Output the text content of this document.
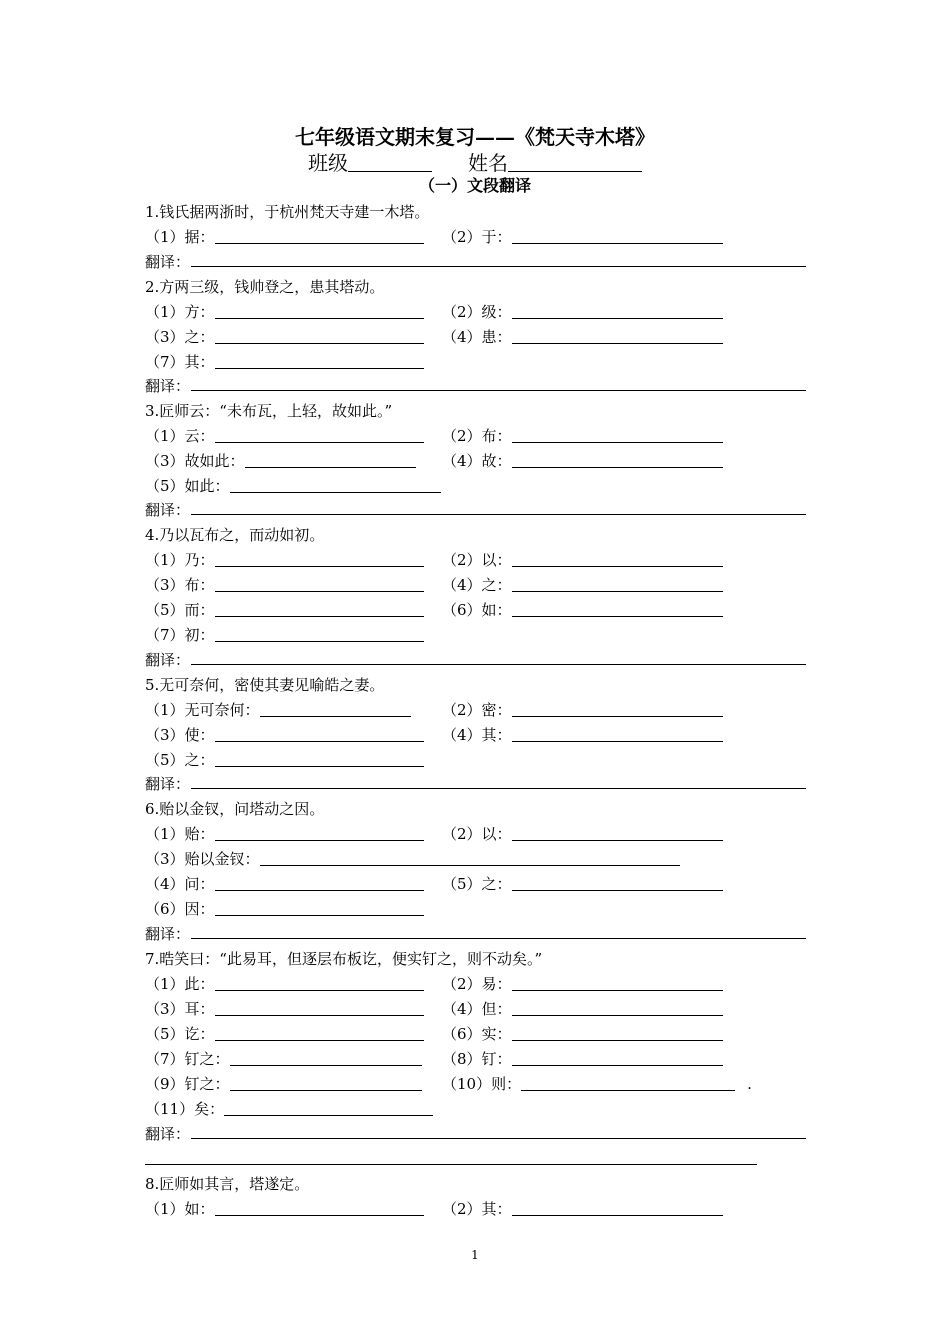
七年级语文期末复习——《梵天寺木塔》
班级	姓名
（一）文段翻译
1.钱氏据两浙时，于杭州梵天寺建一木塔。
（1）据：	（2）于：
翻译：
2.方两三级，钱帅登之，患其塔动。
（1）方：	（2）级：
（3）之：	（4）患：
（7）其：
翻译：
3.匠师云：“未布瓦，上轻，故如此。”
（1）云：	（2）布：
（3）故如此：	（4）故：
（5）如此：
翻译：
4.乃以瓦布之，而动如初。
（1）乃：	（2）以：
（3）布：	（4）之：
（5）而：	（6）如：
（7）初：
翻译：
5.无可奈何，密使其妻见喻皓之妻。
（1）无可奈何：	（2）密：
（3）使：	（4）其：
（5）之：
翻译：
6.贻以金钗，问塔动之因。
（1）贻：	（2）以：
（3）贻以金钗：
（4）问：	（5）之：
（6）因：
翻译：
7.晧笑曰：“此易耳，但逐层布板讫，便实钉之，则不动矣。”
（1）此：	（2）易：
（3）耳：	（4）但：
（5）讫：	（6）实：
（7）钉之：	（8）钉：
（9）钉之：	（10）则：	.
（11）矣：
翻译：
8.匠师如其言，塔遂定。
（1）如：	（2）其：
1
